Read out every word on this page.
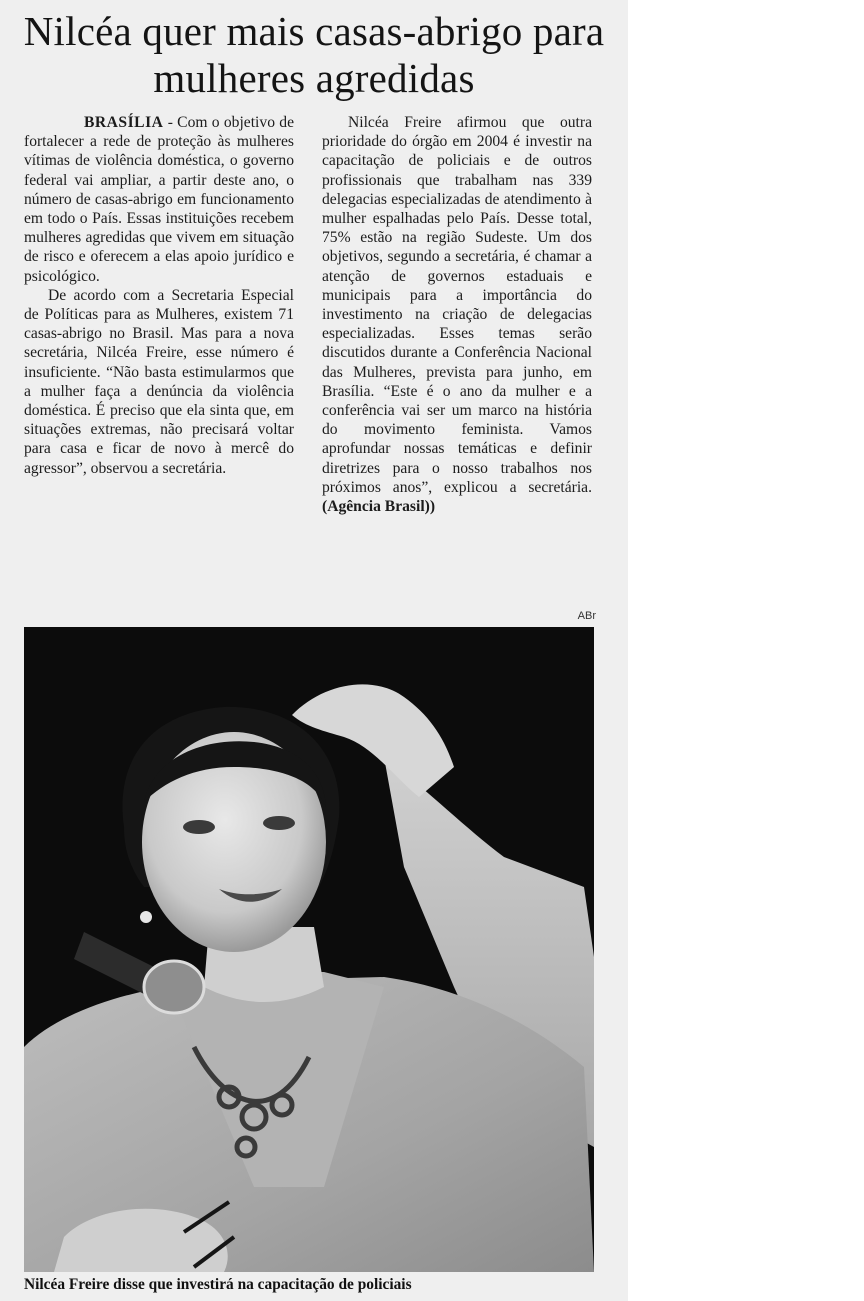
Nilcéa quer mais casas-abrigo para mulheres agredidas

BRASÍLIA - Com o objetivo de fortalecer a rede de proteção às mulheres vítimas de violência doméstica, o governo federal vai ampliar, a partir deste ano, o número de casas-abrigo em funcionamento em todo o País. Essas instituições recebem mulheres agredidas que vivem em situação de risco e oferecem a elas apoio jurídico e psicológico.

De acordo com a Secretaria Especial de Políticas para as Mulheres, existem 71 casas-abrigo no Brasil. Mas para a nova secretária, Nilcéa Freire, esse número é insuficiente. “Não basta estimularmos que a mulher faça a denúncia da violência doméstica. É preciso que ela sinta que, em situações extremas, não precisará voltar para casa e ficar de novo à mercê do agressor”, observou a secretária.

Nilcéa Freire afirmou que outra prioridade do órgão em 2004 é investir na capacitação de policiais e de outros profissionais que trabalham nas 339 delegacias especializadas de atendimento à mulher espalhadas pelo País. Desse total, 75% estão na região Sudeste. Um dos objetivos, segundo a secretária, é chamar a atenção de governos estaduais e municipais para a importância do investimento na criação de delegacias especializadas. Esses temas serão discutidos durante a Conferência Nacional das Mulheres, prevista para junho, em Brasília. “Este é o ano da mulher e a conferência vai ser um marco na história do movimento feminista. Vamos aprofundar nossas temáticas e definir diretrizes para o nosso trabalhos nos próximos anos”, explicou a secretária. (Agência Brasil))

ABr
Nilcéa Freire disse que investirá na capacitação de policiais
